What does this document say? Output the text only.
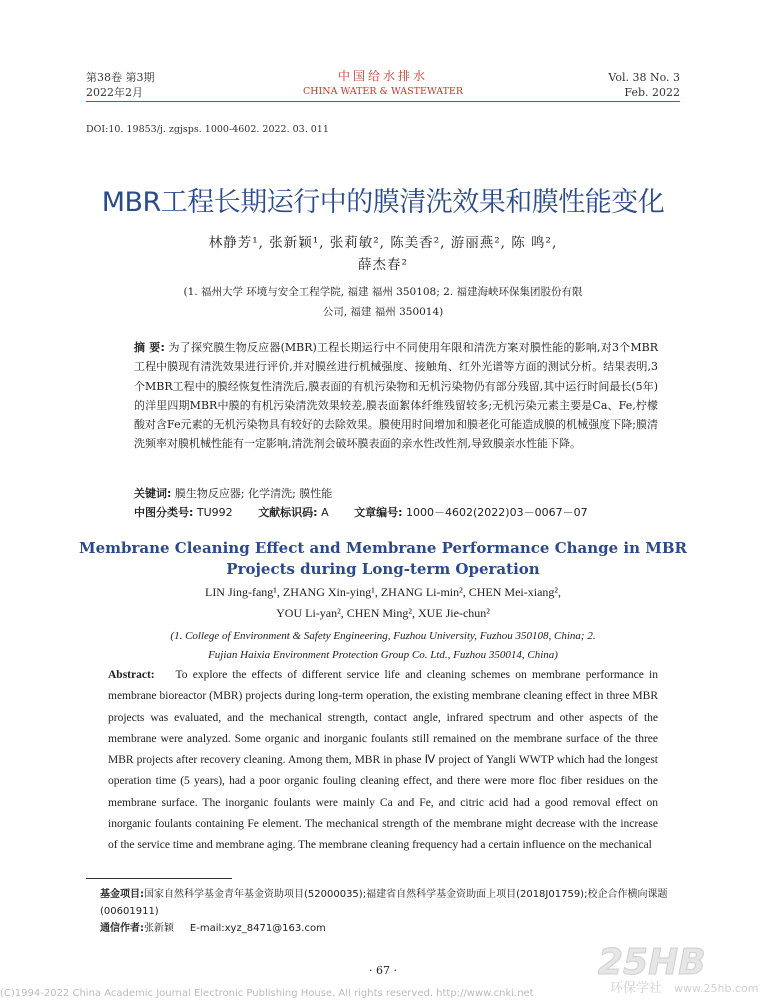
第38卷 第3期
2022年2月
中国给水排水
CHINA WATER & WASTEWATER
Vol. 38 No. 3
Feb. 2022
DOI:10. 19853/j. zgjsps. 1000-4602. 2022. 03. 011
MBR工程长期运行中的膜清洗效果和膜性能变化
林静芳¹, 张新颖¹, 张莉敏², 陈美香², 游丽燕², 陈 鸣²,
薛杰春²
(1. 福州大学 环境与安全工程学院, 福建 福州 350108; 2. 福建海峡环保集团股份有限
公司, 福建 福州 350014)
摘 要: 为了探究膜生物反应器(MBR)工程长期运行中不同使用年限和清洗方案对膜性能的影响,对3个MBR工程中膜现有清洗效果进行评价,并对膜丝进行机械强度、接触角、红外光谱等方面的测试分析。结果表明,3个MBR工程中的膜经恢复性清洗后,膜表面的有机污染物和无机污染物仍有部分残留,其中运行时间最长(5年)的洋里四期MBR中膜的有机污染清洗效果较差,膜表面絮体纤维残留较多;无机污染元素主要是Ca、Fe,柠檬酸对含Fe元素的无机污染物具有较好的去除效果。膜使用时间增加和膜老化可能造成膜的机械强度下降;膜清洗频率对膜机械性能有一定影响,清洗剂会破坏膜表面的亲水性改性剂,导致膜亲水性能下降。
关键词: 膜生物反应器; 化学清洗; 膜性能
中图分类号: TU992 文献标识码: A 文章编号: 1000－4602(2022)03－0067－07
Membrane Cleaning Effect and Membrane Performance Change in MBR
Projects during Long-term Operation
LIN Jing-fang¹, ZHANG Xin-ying¹, ZHANG Li-min², CHEN Mei-xiang²,
YOU Li-yan², CHEN Ming², XUE Jie-chun²
(1. College of Environment & Safety Engineering, Fuzhou University, Fuzhou 350108, China; 2.
Fujian Haixia Environment Protection Group Co. Ltd., Fuzhou 350014, China)
Abstract: To explore the effects of different service life and cleaning schemes on membrane performance in membrane bioreactor (MBR) projects during long-term operation, the existing membrane cleaning effect in three MBR projects was evaluated, and the mechanical strength, contact angle, infrared spectrum and other aspects of the membrane were analyzed. Some organic and inorganic foulants still remained on the membrane surface of the three MBR projects after recovery cleaning. Among them, MBR in phase Ⅳ project of Yangli WWTP which had the longest operation time (5 years), had a poor organic fouling cleaning effect, and there were more floc fiber residues on the membrane surface. The inorganic foulants were mainly Ca and Fe, and citric acid had a good removal effect on inorganic foulants containing Fe element. The mechanical strength of the membrane might decrease with the increase of the service time and membrane aging. The membrane cleaning frequency had a certain influence on the mechanical
基金项目:国家自然科学基金青年基金资助项目(52000035);福建省自然科学基金资助面上项目(2018J01759);校企合作横向课题(00601911)
通信作者:张新颖 E-mail:xyz_8471@163.com
· 67 ·
(C)1994-2022 China Academic Journal Electronic Publishing House. All rights reserved. http://www.cnki.net
25HB
环保学社 www.25hb.com
